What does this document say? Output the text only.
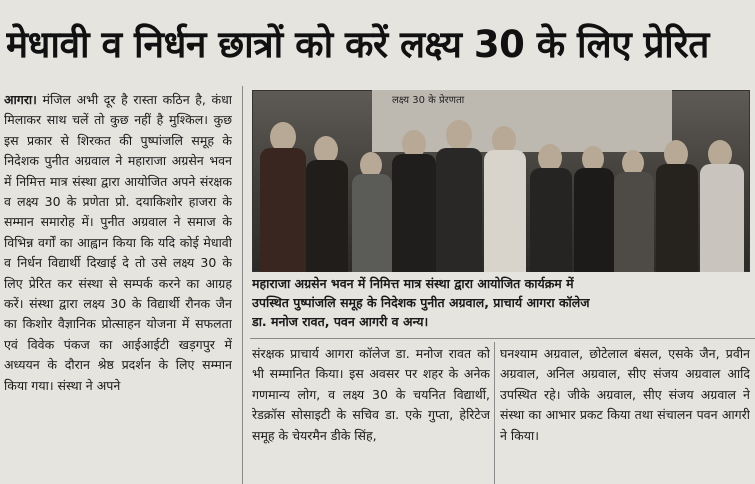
मेधावी व निर्धन छात्रों को करें लक्ष्य 30 के लिए प्रेरित

आगरा। मंजिल अभी दूर है रास्ता कठिन है, कंधा मिलाकर साथ चलें तो कुछ नहीं है मुश्किल। कुछ इस प्रकार से शिरकत की पुष्पांजलि समूह के निदेशक पुनीत अग्रवाल ने महाराजा अग्रसेन भवन में निमित्त मात्र संस्था द्वारा आयोजित अपने संरक्षक व लक्ष्य 30 के प्रणेता प्रो. दयाकिशोर हाजरा के सम्मान समारोह में। पुनीत अग्रवाल ने समाज के विभिन्न वर्गों का आह्वान किया कि यदि कोई मेधावी व निर्धन विद्यार्थी दिखाई दे तो उसे लक्ष्य 30 के लिए प्रेरित कर संस्था से सम्पर्क करने का आग्रह करें। संस्था द्वारा लक्ष्य 30 के विद्यार्थी रौनक जैन का किशोर वैज्ञानिक प्रोत्साहन योजना में सफलता एवं विवेक पंकज का आईआईटी खड़गपुर में अध्ययन के दौरान श्रेष्ठ प्रदर्शन के लिए सम्मान किया गया। संस्था ने अपने

लक्ष्य 30 के प्रेरणता

महाराजा अग्रसेन भवन में निमित्त मात्र संस्था द्वारा आयोजित कार्यक्रम में

उपस्थित पुष्पांजलि समूह के निदेशक पुनीत अग्रवाल, प्राचार्य आगरा कॉलेज

डा. मनोज रावत, पवन आगरी व अन्य।

संरक्षक प्राचार्य आगरा कॉलेज डा. मनोज रावत को भी सम्मानित किया। इस अवसर पर शहर के अनेक गणमान्य लोग, व लक्ष्य 30 के चयनित विद्यार्थी, रेडक्रॉस सोसाइटी के सचिव डा. एके गुप्ता, हेरिटेज समूह के चेयरमैन डीके सिंह,

घनश्याम अग्रवाल, छोटेलाल बंसल, एसके जैन, प्रवीन अग्रवाल, अनिल अग्रवाल, सीए संजय अग्रवाल आदि उपस्थित रहे। जीके अग्रवाल, सीए संजय अग्रवाल ने संस्था का आभार प्रकट किया तथा संचालन पवन आगरी ने किया।
